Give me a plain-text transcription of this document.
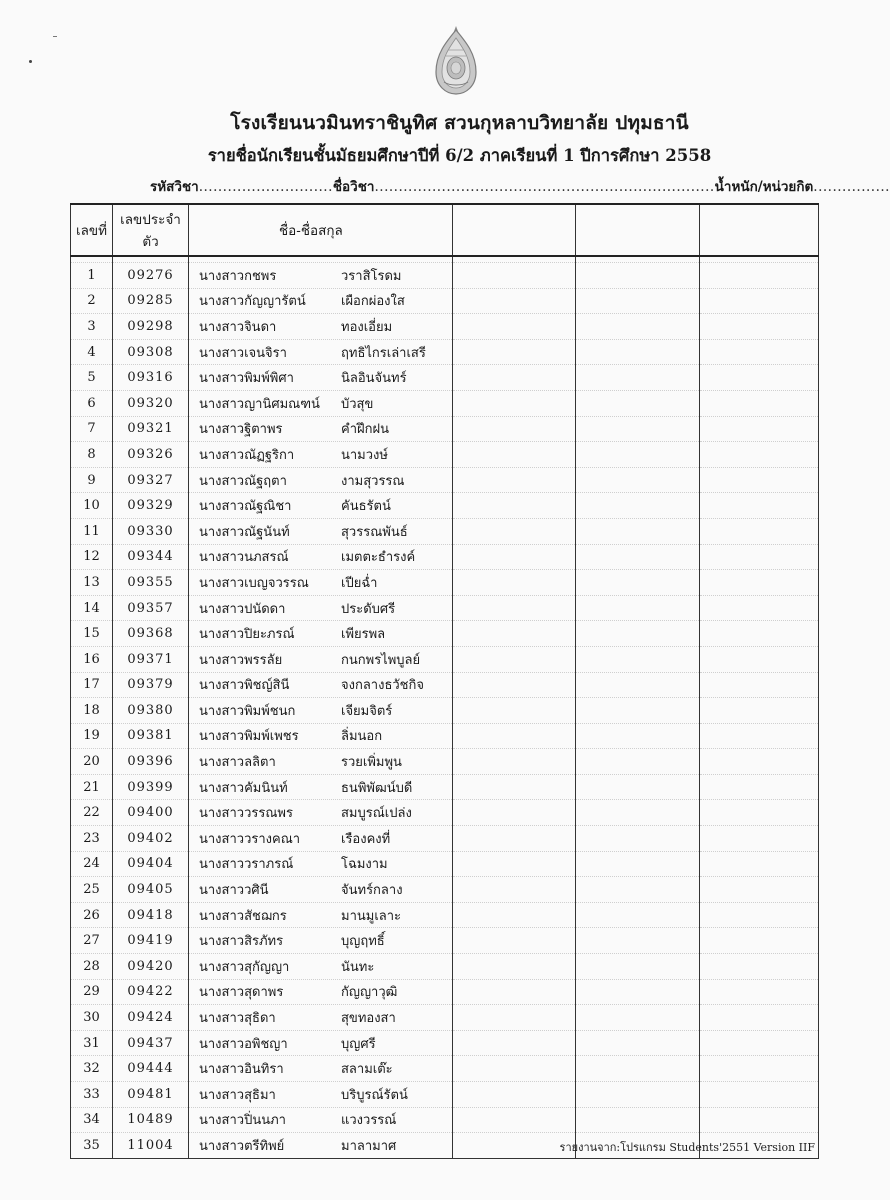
โรงเรียนนวมินทราชินูทิศ สวนกุหลาบวิทยาลัย ปทุมธานี
รายชื่อนักเรียนชั้นมัธยมศึกษาปีที่ 6/2 ภาคเรียนที่ 1 ปีการศึกษา 2558
รหัสวิชา ............................ ชื่อวิชา ....................................................................... น้ำหนัก/หน่วยกิต ................
เลขที่	เลขประจำตัว	ชื่อ-ชื่อสกุล			

1	09276	นางสาวกชพร วราสิโรดม			
2	09285	นางสาวกัญญารัตน์ เผือกผ่องใส			
3	09298	นางสาวจินดา ทองเอี่ยม			
4	09308	นางสาวเจนจิรา ฤทธิไกรเล่าเสรี			
5	09316	นางสาวพิมพ์พิศา นิลอินจันทร์			
6	09320	นางสาวญานิศมณฑน์ บัวสุข			
7	09321	นางสาวฐิตาพร คำฝึกฝน			
8	09326	นางสาวณัฏฐริกา นามวงษ์			
9	09327	นางสาวณัฐฤตา งามสุวรรณ			
10	09329	นางสาวณัฐณิชา คันธรัตน์			
11	09330	นางสาวณัฐนันท์ สุวรรณพันธ์			
12	09344	นางสาวนภสรณ์ เมตตะธำรงค์			
13	09355	นางสาวเบญจวรรณ เปียฉ่ำ			
14	09357	นางสาวปนัดดา ประดับศรี			
15	09368	นางสาวปิยะภรณ์ เพียรพล			
16	09371	นางสาวพรรลัย กนกพรไพบูลย์			
17	09379	นางสาวพิชญ์สินี จงกลางธวัชกิจ			
18	09380	นางสาวพิมพ์ชนก เจียมจิตร์			
19	09381	นางสาวพิมพ์เพชร ลิ่มนอก			
20	09396	นางสาวลลิตา รวยเพิ่มพูน			
21	09399	นางสาวคัมนินท์ ธนพิพัฒน์บดี			
22	09400	นางสาววรรณพร สมบูรณ์เปล่ง			
23	09402	นางสาววรางคณา เรืองคงที่			
24	09404	นางสาววราภรณ์ โฉมงาม			
25	09405	นางสาววศินี จันทร์กลาง			
26	09418	นางสาวสัชฌกร มานมูเลาะ			
27	09419	นางสาวสิรภัทร บุญฤทธิ์			
28	09420	นางสาวสุกัญญา นันทะ			
29	09422	นางสาวสุดาพร กัญญาวุฒิ			
30	09424	นางสาวสุธิดา สุขทองสา			
31	09437	นางสาวอพิชญา บุญศรี			
32	09444	นางสาวอินทิรา สลามเต๊ะ			
33	09481	นางสาวสุธิมา บริบูรณ์รัตน์			
34	10489	นางสาวปิ่นนภา แวงวรรณ์			
35	11004	นางสาวตรีทิพย์ มาลามาศ				รายงานจาก:โปรแกรม Students'2551 Version IIF
